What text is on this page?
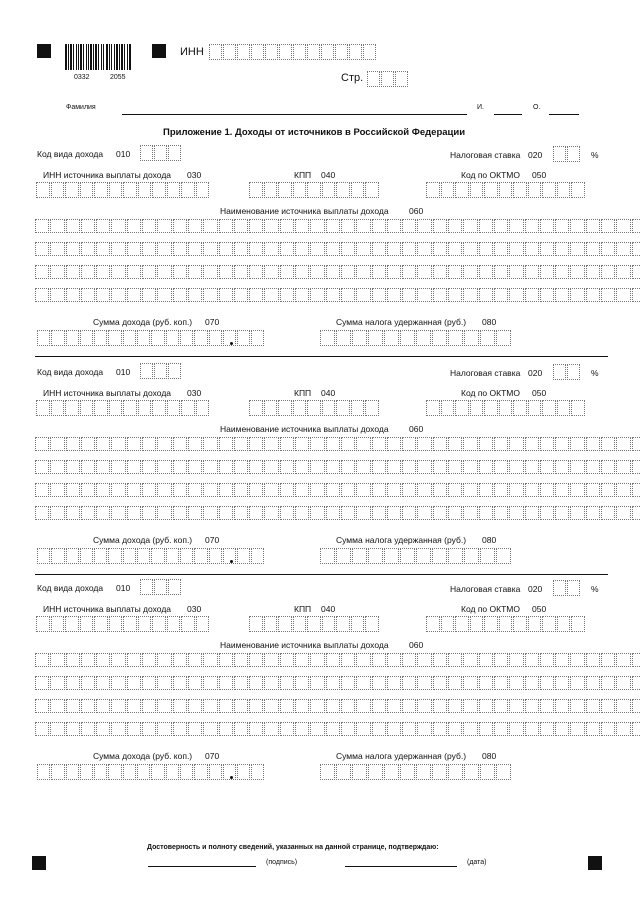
0332	2055
ИНН
Стр.
Фамилия	И.	О.
Приложение 1. Доходы от источников в Российской Федерации
Код вида дохода 010	Налоговая ставка 020	%
ИНН источника выплаты дохода 030	КПП 040	Код по ОКТМО 050
Наименование источника выплаты дохода 060
Сумма дохода (руб. коп.) 070	Сумма налога удержанная (руб.) 080
Код вида дохода 010	Налоговая ставка 020	%
ИНН источника выплаты дохода 030	КПП 040	Код по ОКТМО 050
Наименование источника выплаты дохода 060
Сумма дохода (руб. коп.) 070	Сумма налога удержанная (руб.) 080
Код вида дохода 010	Налоговая ставка 020	%
ИНН источника выплаты дохода 030	КПП 040	Код по ОКТМО 050
Наименование источника выплаты дохода 060
Сумма дохода (руб. коп.) 070	Сумма налога удержанная (руб.) 080
Достоверность и полноту сведений, указанных на данной странице, подтверждаю:
(подпись)	(дата)
